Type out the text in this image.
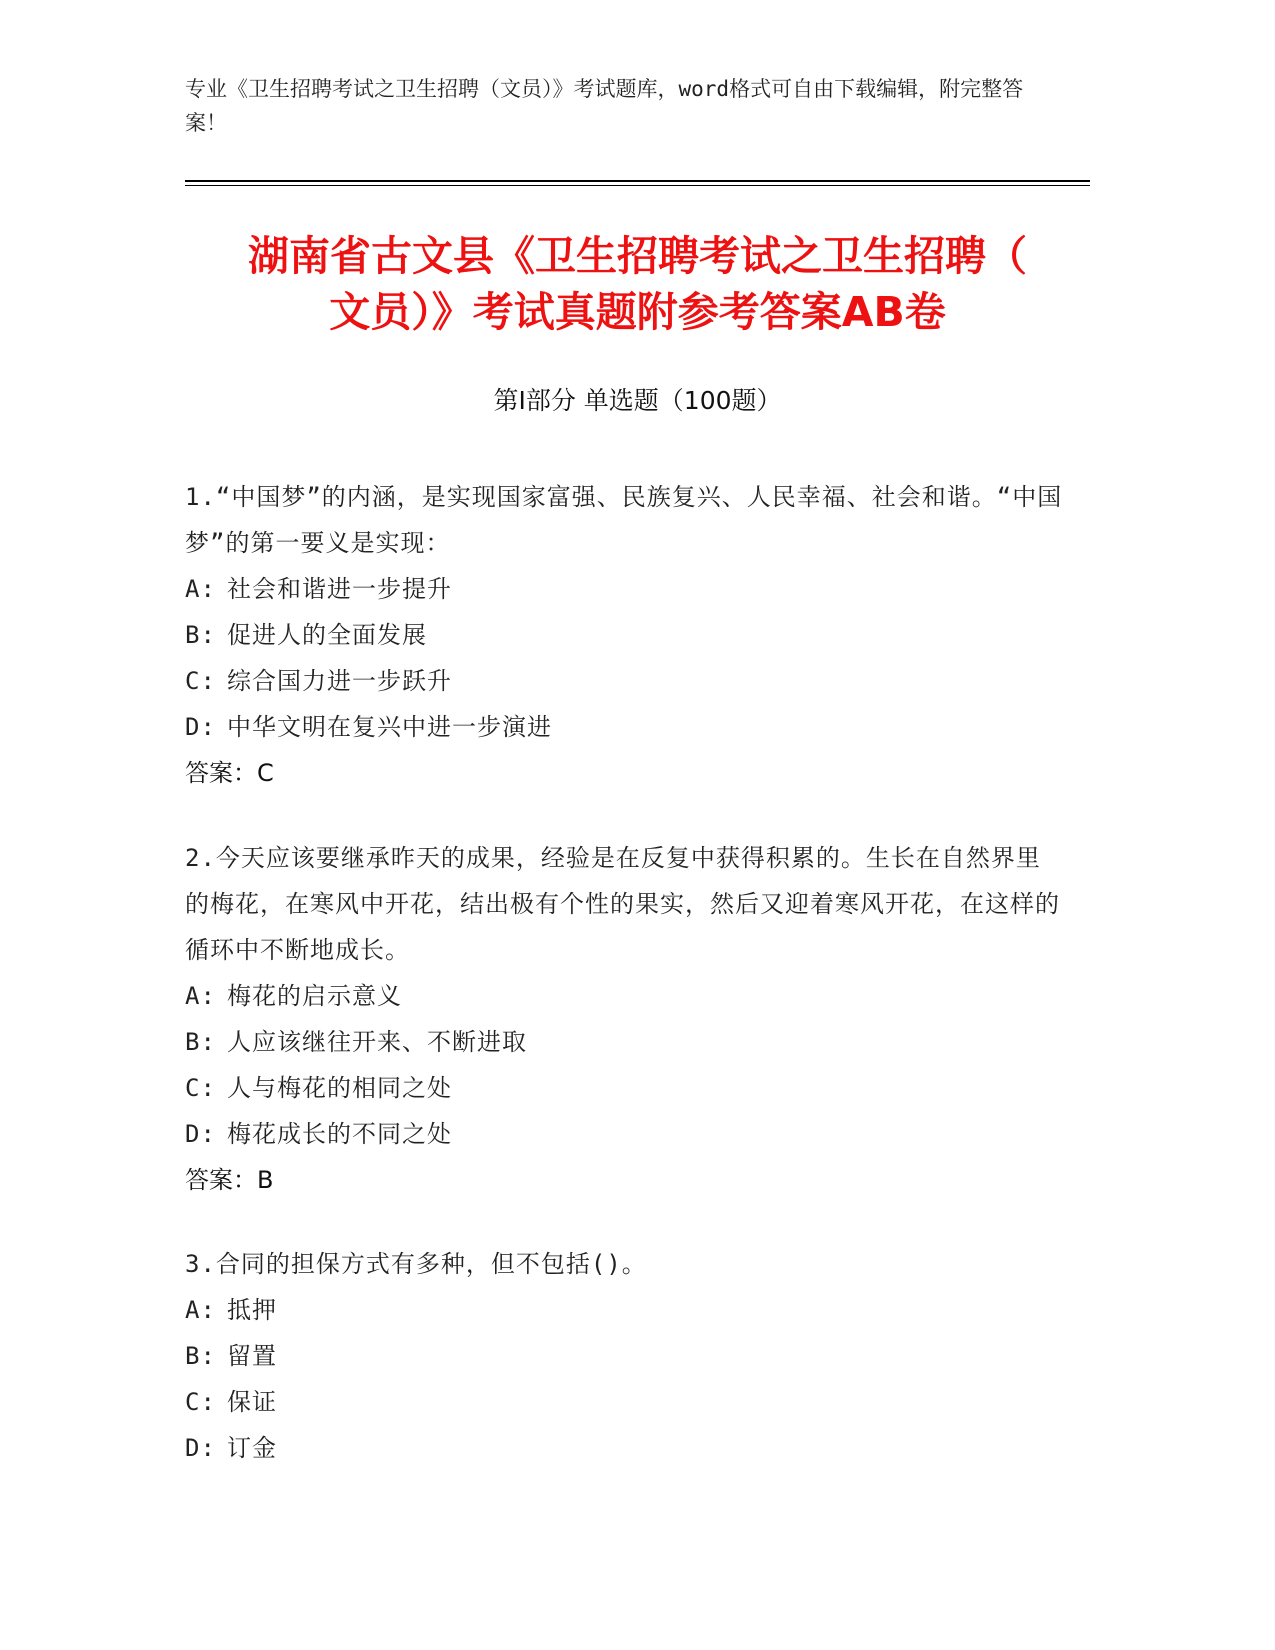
专业《卫生招聘考试之卫生招聘（文员）》考试题库，word格式可自由下载编辑，附完整答案！
湖南省古文县《卫生招聘考试之卫生招聘（
文员）》考试真题附参考答案AB卷
第Ⅰ部分 单选题（100题）
1.“中国梦”的内涵，是实现国家富强、民族复兴、人民幸福、社会和谐。“中国梦”的第一要义是实现：
A: 社会和谐进一步提升
B: 促进人的全面发展
C: 综合国力进一步跃升
D: 中华文明在复兴中进一步演进
答案：C
2.今天应该要继承昨天的成果，经验是在反复中获得积累的。生长在自然界里的梅花，在寒风中开花，结出极有个性的果实，然后又迎着寒风开花，在这样的循环中不断地成长。
A: 梅花的启示意义
B: 人应该继往开来、不断进取
C: 人与梅花的相同之处
D: 梅花成长的不同之处
答案：B
3.合同的担保方式有多种，但不包括()。
A: 抵押
B: 留置
C: 保证
D: 订金
